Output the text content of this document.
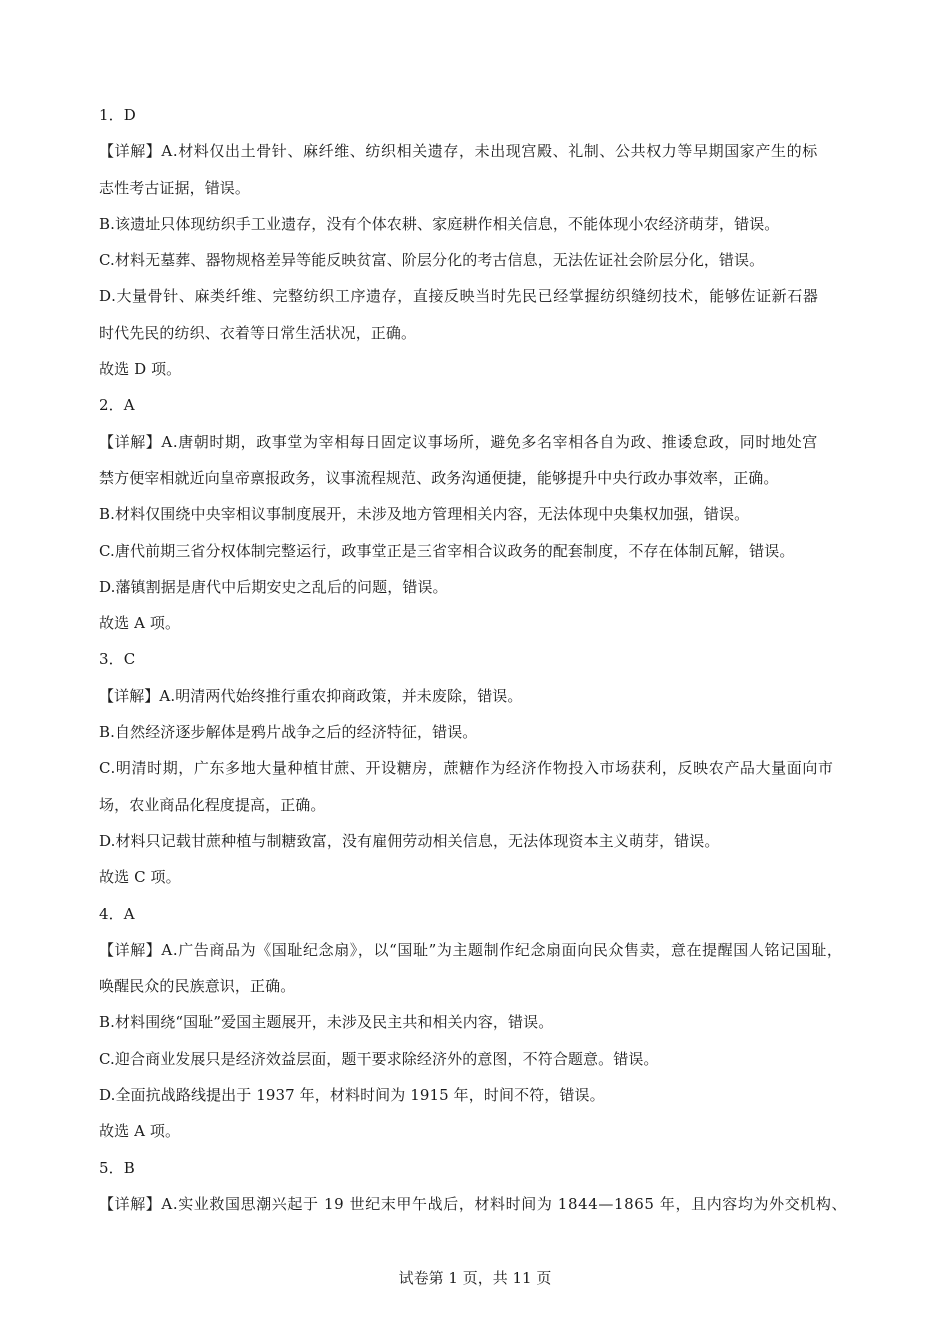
1．D
【详解】A.材料仅出土骨针、麻纤维、纺织相关遗存，未出现宫殿、礼制、公共权力等早期国家产生的标
志性考古证据，错误。
B.该遗址只体现纺织手工业遗存，没有个体农耕、家庭耕作相关信息，不能体现小农经济萌芽，错误。
C.材料无墓葬、器物规格差异等能反映贫富、阶层分化的考古信息，无法佐证社会阶层分化，错误。
D.大量骨针、麻类纤维、完整纺织工序遗存，直接反映当时先民已经掌握纺织缝纫技术，能够佐证新石器
时代先民的纺织、衣着等日常生活状况，正确。
故选 D 项。
2．A
【详解】A.唐朝时期，政事堂为宰相每日固定议事场所，避免多名宰相各自为政、推诿怠政，同时地处宫
禁方便宰相就近向皇帝禀报政务，议事流程规范、政务沟通便捷，能够提升中央行政办事效率，正确。
B.材料仅围绕中央宰相议事制度展开，未涉及地方管理相关内容，无法体现中央集权加强，错误。
C.唐代前期三省分权体制完整运行，政事堂正是三省宰相合议政务的配套制度，不存在体制瓦解，错误。
D.藩镇割据是唐代中后期安史之乱后的问题，错误。
故选 A 项。
3．C
【详解】A.明清两代始终推行重农抑商政策，并未废除，错误。
B.自然经济逐步解体是鸦片战争之后的经济特征，错误。
C.明清时期，广东多地大量种植甘蔗、开设糖房，蔗糖作为经济作物投入市场获利，反映农产品大量面向市
场，农业商品化程度提高，正确。
D.材料只记载甘蔗种植与制糖致富，没有雇佣劳动相关信息，无法体现资本主义萌芽，错误。
故选 C 项。
4．A
【详解】A.广告商品为《国耻纪念扇》，以“国耻”为主题制作纪念扇面向民众售卖，意在提醒国人铭记国耻，
唤醒民众的民族意识，正确。
B.材料围绕“国耻”爱国主题展开，未涉及民主共和相关内容，错误。
C.迎合商业发展只是经济效益层面，题干要求除经济外的意图，不符合题意。错误。
D.全面抗战路线提出于 1937 年，材料时间为 1915 年，时间不符，错误。
故选 A 项。
5．B
【详解】A.实业救国思潮兴起于 19 世纪末甲午战后，材料时间为 1844—1865 年，且内容均为外交机构、
试卷第 1 页，共 11 页
